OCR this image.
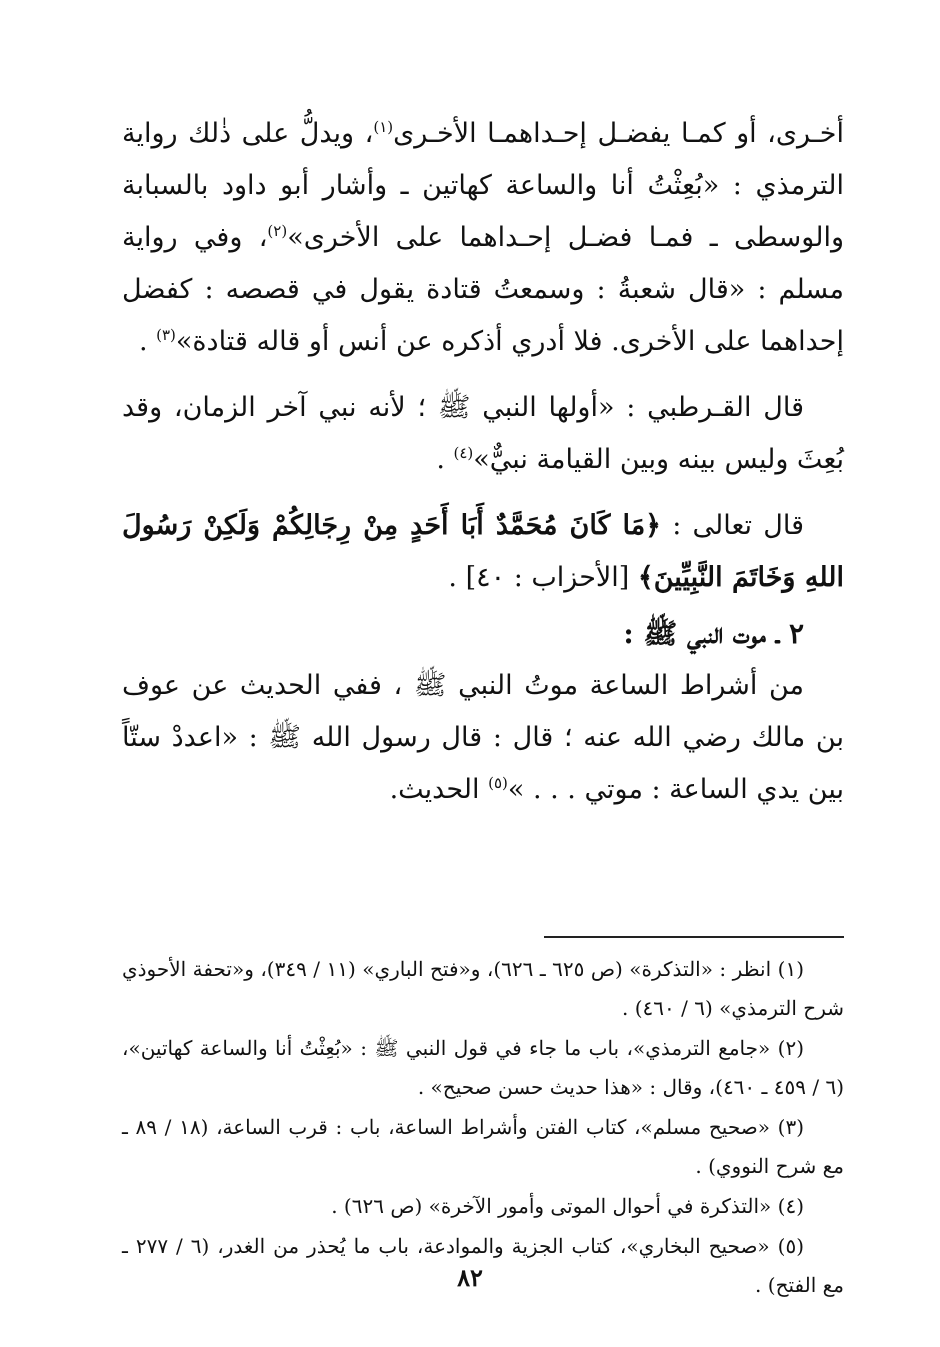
أخـرى، أو كمـا يفضـل إحـداهمـا الأخـرى$^{(١)}$، ويدلُّ على ذٰلك رواية الترمذي : «بُعِثْتُ أنا والساعة كهاتين ـ وأشار أبو داود بالسبابة والوسطى ـ فمـا فضـل إحـداهما على الأخرى»$^{(٢)}$، وفي رواية مسلم : «قال شعبةُ : وسمعتُ قتادة يقول في قصصه : كفضل إحداهما على الأخرى. فلا أدري أذكره عن أنس أو قاله قتادة»$^{(٣)}$ .

قال القـرطبي : «أولها النبي ﷺ ؛ لأنه نبي آخر الزمان، وقد بُعِثَ وليس بينه وبين القيامة نبيٌّ»$^{(٤)}$ .

قال تعالى : ﴿مَا كَانَ مُحَمَّدٌ أَبَا أَحَدٍ مِنْ رِجَالِكُمْ وَلَكِنْ رَسُولَ اللهِ وَخَاتَمَ النَّبِيِّينَ﴾ [الأحزاب : ٤٠] .

٢ ـ موت النبي ﷺ :

من أشراط الساعة موتُ النبي ﷺ ، ففي الحديث عن عوف بن مالك رضي الله عنه ؛ قال : قال رسول الله ﷺ : «اعددْ ستّاً بين يدي الساعة : موتي . . . »$^{(٥)}$ الحديث.

(١) انظر : «التذكرة» (ص ٦٢٥ ـ ٦٢٦)، و«فتح الباري» (١١ / ٣٤٩)، و«تحفة الأحوذي شرح الترمذي» (٦ / ٤٦٠) .

(٢) «جامع الترمذي»، باب ما جاء في قول النبي ﷺ : «بُعِثْتُ أنا والساعة كهاتين»، (٦ / ٤٥٩ ـ ٤٦٠)، وقال : «هذا حديث حسن صحيح» .

(٣) «صحيح مسلم»، كتاب الفتن وأشراط الساعة، باب : قرب الساعة، (١٨ / ٨٩ ـ مع شرح النووي) .

(٤) «التذكرة في أحوال الموتى وأمور الآخرة» (ص ٦٢٦) .

(٥) «صحيح البخاري»، كتاب الجزية والموادعة، باب ما يُحذر من الغدر، (٦ / ٢٧٧ ـ مع الفتح) .

٨٢
